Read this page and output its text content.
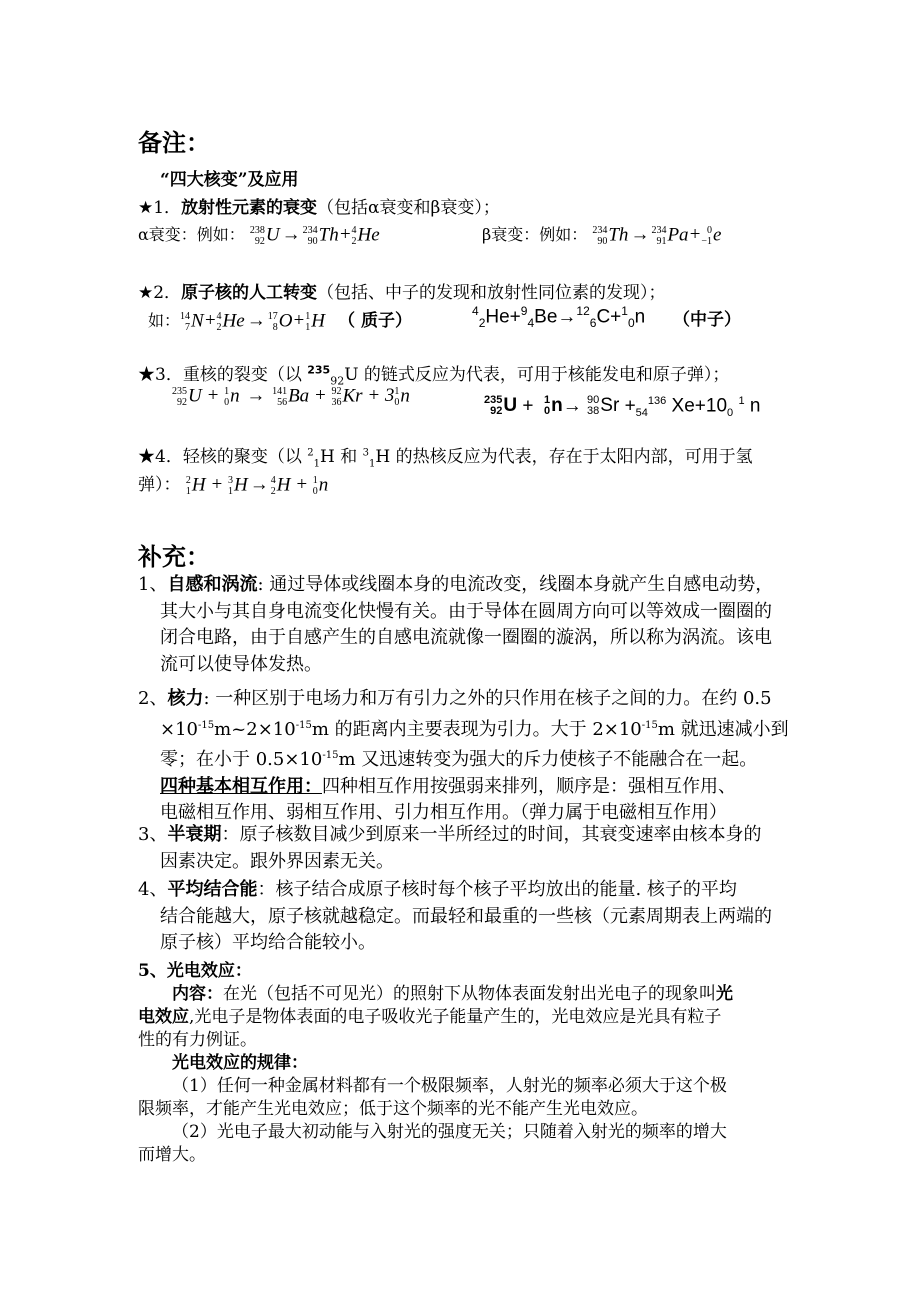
备注：
“四大核变”及应用
★1．放射性元素的衰变（包括α衰变和β衰变）；
α衰变：例如： 238
92 U → 234
90 Th+ 4
2 He	β衰变：例如： 234
90 Th → 234
91 Pa+ 0
−1 e
★2．原子核的人工转变（包括、中子的发现和放射性同位素的发现）；
如： 14
7 N+ 4
2 He → 17
8 O+ 1
1 H （ 质子）	$^4_2$He+$^9_4$Be→$^{12}_6$C+$^1_0$n （中子）
★3．重核的裂变（以 $^{235}_{92}$U 的链式反应为代表，可用于核能发电和原子弹）；
235
92 U + 1
0 n → 141
56 Ba + 92
36 Kr + 3 1
0 n	235
92 U + 1
0 n→ 90
38 $Sr +_{54}^{136}$ $Xe+10_0$ $^1$ n
★4．轻核的聚变（以 $^2_1$H 和 $^3_1$H 的热核反应为代表，存在于太阳内部，可用于氢
弹）： 2
1 H + 3
1 H → 4
2 H + 1
0 n
补充：
1、自感和涡流: 通过导体或线圈本身的电流改变，线圈本身就产生自感电动势，
其大小与其自身电流变化快慢有关。由于导体在圆周方向可以等效成一圈圈的
闭合电路，由于自感产生的自感电流就像一圈圈的漩涡，所以称为涡流。该电
流可以使导体发热。
2、核力: 一种区别于电场力和万有引力之外的只作用在核子之间的力。在约 0.5
$\times 10^{-15}m\sim 2\times 10^{-15}m$ 的距离内主要表现为引力。大于 $2\times 10^{-15}m$ 就迅速减小到
零；在小于 $0.5\times 10^{-15}m$ 又迅速转变为强大的斥力使核子不能融合在一起。
四种基本相互作用：四种相互作用按强弱来排列，顺序是：强相互作用、
电磁相互作用、弱相互作用、引力相互作用。（弹力属于电磁相互作用）
3、半衰期：原子核数目减少到原来一半所经过的时间，其衰变速率由核本身的
因素决定。跟外界因素无关。
4、平均结合能：核子结合成原子核时每个核子平均放出的能量. 核子的平均
结合能越大，原子核就越稳定。而最轻和最重的一些核（元素周期表上两端的
原子核）平均给合能较小。
5、光电效应：
内容：在光（包括不可见光）的照射下从物体表面发射出光电子的现象叫光
电效应,光电子是物体表面的电子吸收光子能量产生的，光电效应是光具有粒子
性的有力例证。
光电效应的规律：
（1）任何一种金属材料都有一个极限频率，人射光的频率必须大于这个极
限频率，才能产生光电效应；低于这个频率的光不能产生光电效应。
（2）光电子最大初动能与入射光的强度无关；只随着入射光的频率的增大
而增大。
